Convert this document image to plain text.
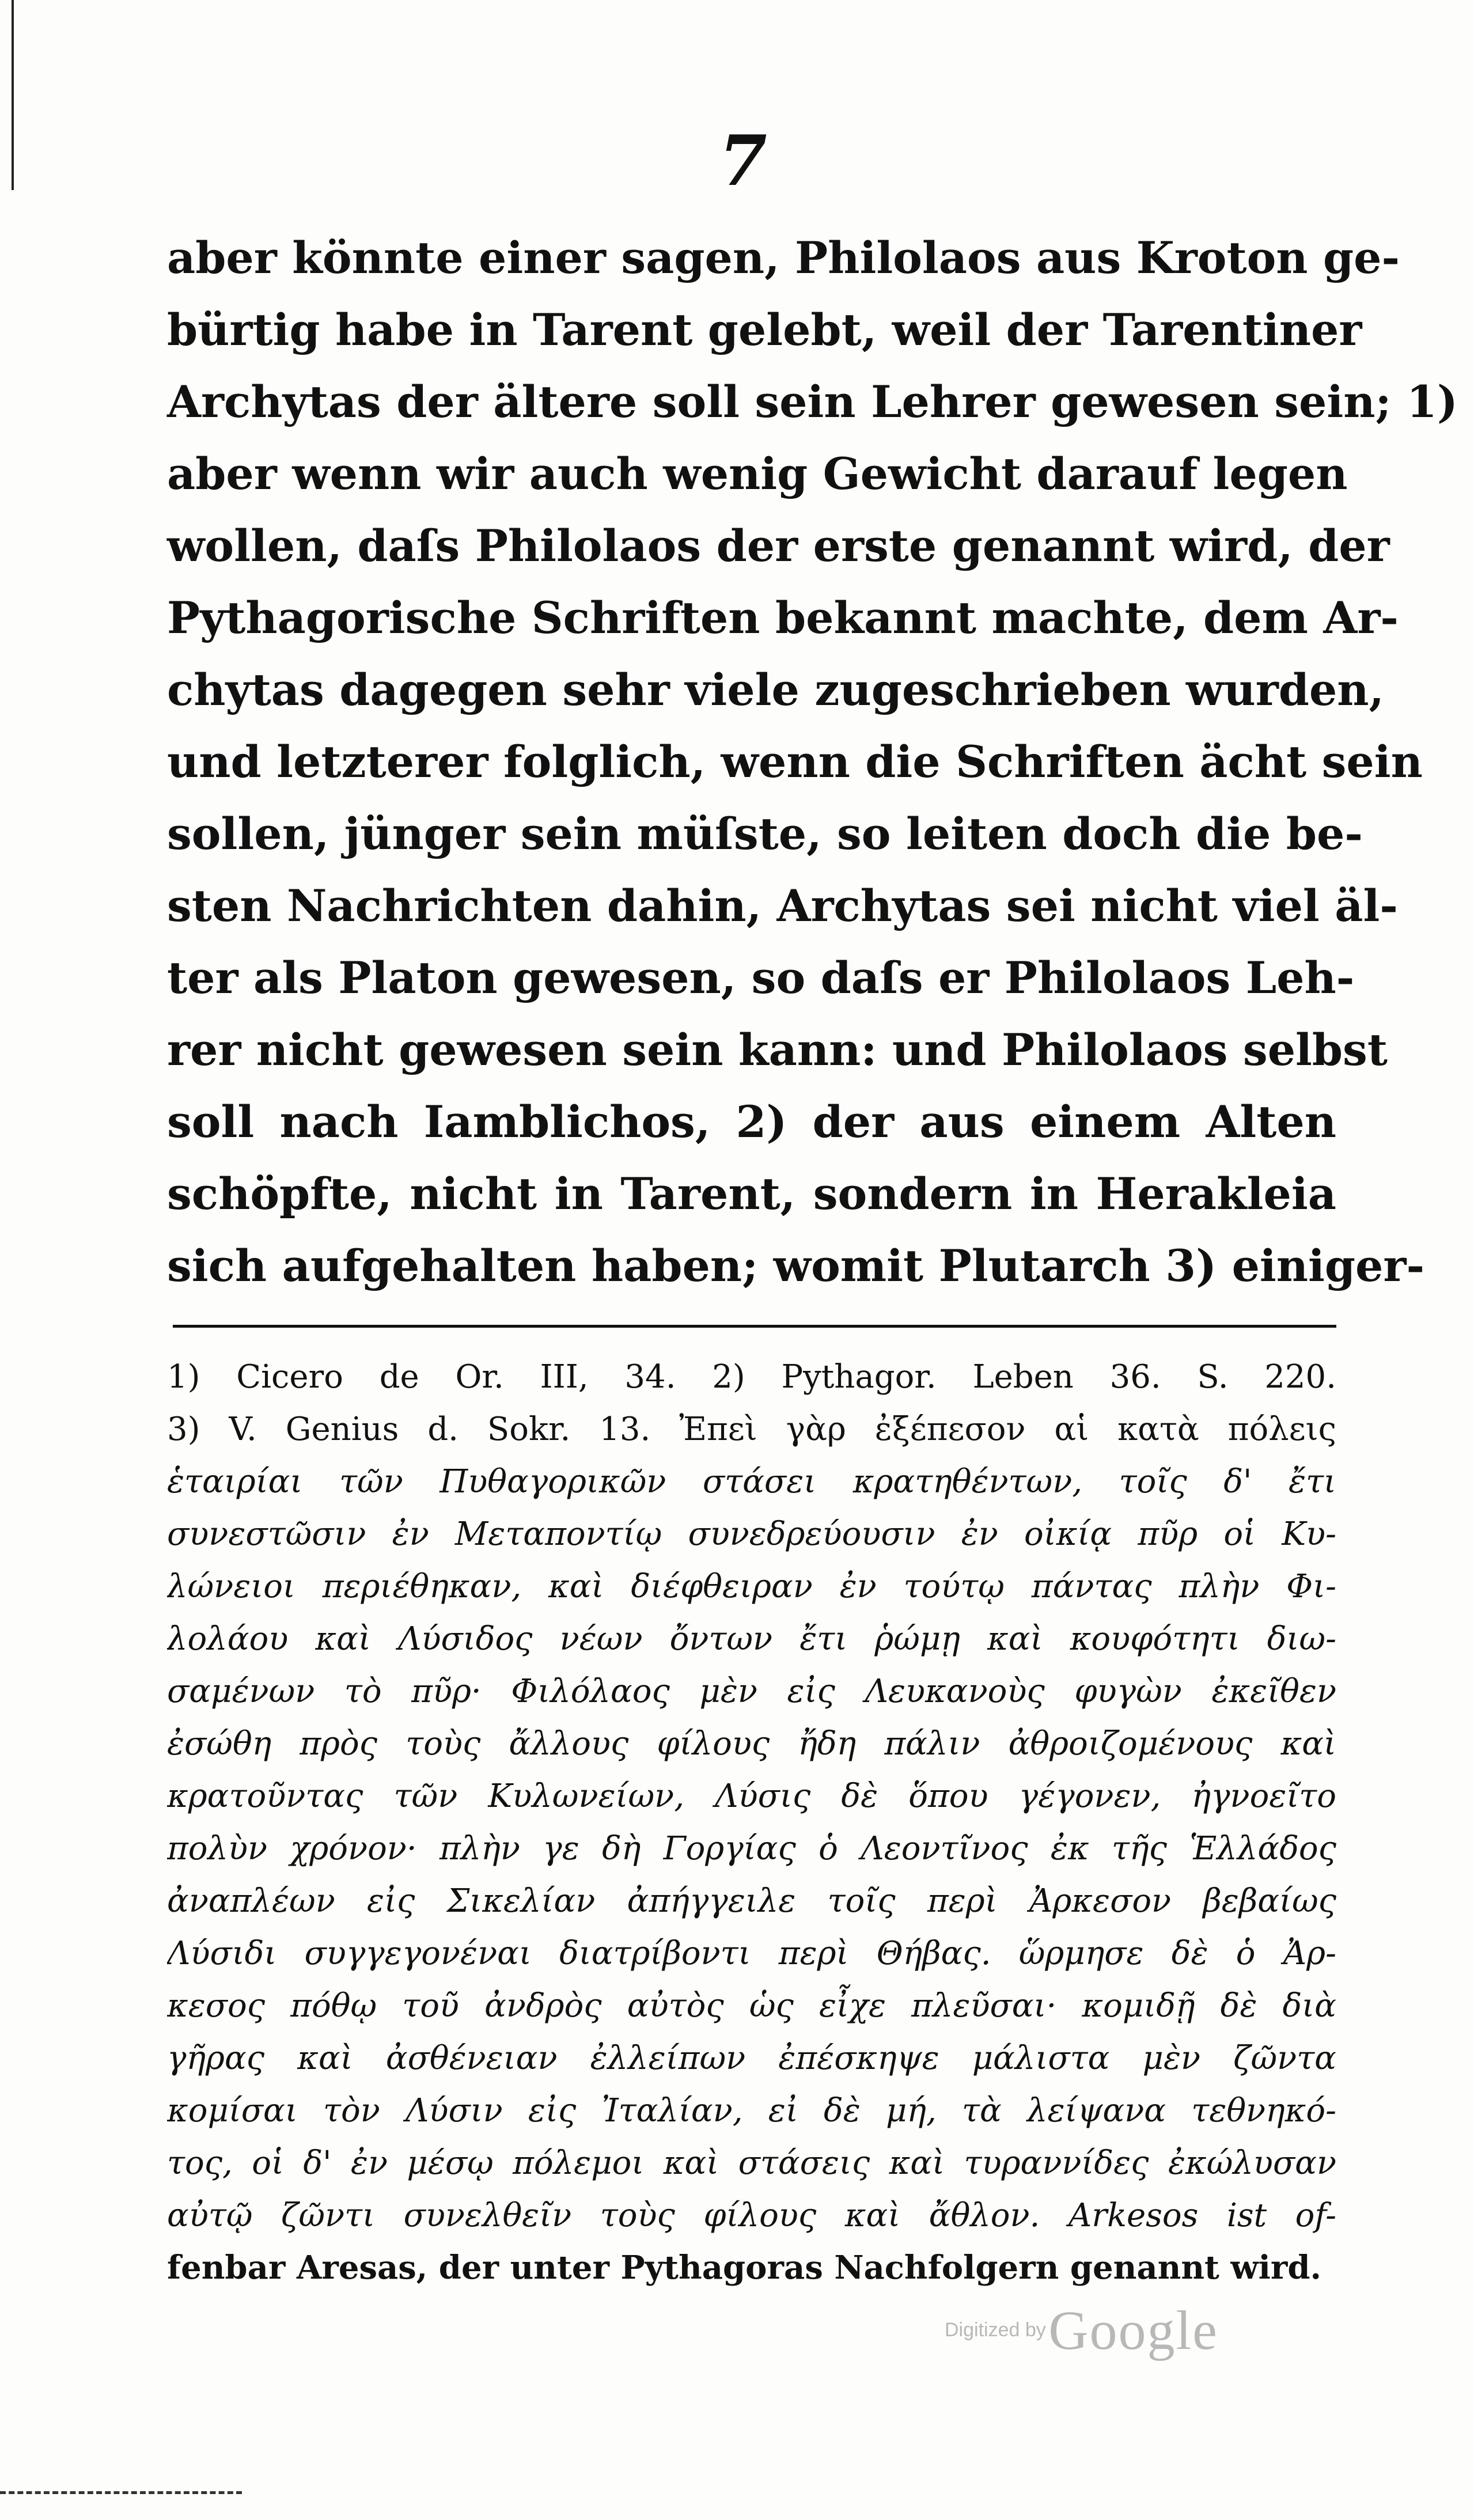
7
aber könnte einer sagen, Philolaos aus Kroton ge-
bürtig habe in Tarent gelebt, weil der Tarentiner
Archytas der ältere soll sein Lehrer gewesen sein; 1)
aber wenn wir auch wenig Gewicht darauf legen
wollen, daſs Philolaos der erste genannt wird, der
Pythagorische Schriften bekannt machte, dem Ar-
chytas dagegen sehr viele zugeschrieben wurden,
und letzterer folglich, wenn die Schriften ächt sein
sollen, jünger sein müſste, so leiten doch die be-
sten Nachrichten dahin, Archytas sei nicht viel äl-
ter als Platon gewesen, so daſs er Philolaos Leh-
rer nicht gewesen sein kann: und Philolaos selbst
soll nach Iamblichos, 2) der aus einem Alten
schöpfte, nicht in Tarent, sondern in Herakleia
sich aufgehalten haben; womit Plutarch 3) einiger-
1) Cicero de Or. III, 34. 2) Pythagor. Leben 36. S. 220.
3) V. Genius d. Sokr. 13. Ἐπεὶ γὰρ ἐξέπεσον αἱ κατὰ πόλεις
ἑταιρίαι τῶν Πυθαγορικῶν στάσει κρατηθέντων, τοῖς δ' ἔτι
συνεστῶσιν ἐν Μεταποντίῳ συνεδρεύουσιν ἐν οἰκίᾳ πῦρ οἱ Κυ-
λώνειοι περιέθηκαν, καὶ διέφθειραν ἐν τούτῳ πάντας πλὴν Φι-
λολάου καὶ Λύσιδος νέων ὄντων ἔτι ῥώμῃ καὶ κουφότητι διω-
σαμένων τὸ πῦρ· Φιλόλαος μὲν εἰς Λευκανοὺς φυγὼν ἐκεῖθεν
ἐσώθη πρὸς τοὺς ἄλλους φίλους ἤδη πάλιν ἀθροιζομένους καὶ
κρατοῦντας τῶν Κυλωνείων, Λύσις δὲ ὅπου γέγονεν, ἠγνοεῖτο
πολὺν χρόνον· πλὴν γε δὴ Γοργίας ὁ Λεοντῖνος ἐκ τῆς Ἑλλάδος
ἀναπλέων εἰς Σικελίαν ἀπήγγειλε τοῖς περὶ Ἀρκεσον βεβαίως
Λύσιδι συγγεγονέναι διατρίβοντι περὶ Θήβας. ὥρμησε δὲ ὁ Ἀρ-
κεσος πόθῳ τοῦ ἀνδρὸς αὐτὸς ὡς εἶχε πλεῦσαι· κομιδῇ δὲ διὰ
γῆρας καὶ ἀσθένειαν ἐλλείπων ἐπέσκηψε μάλιστα μὲν ζῶντα
κομίσαι τὸν Λύσιν εἰς Ἰταλίαν, εἰ δὲ μή, τὰ λείψανα τεθνηκό-
τος, οἱ δ' ἐν μέσῳ πόλεμοι καὶ στάσεις καὶ τυραννίδες ἐκώλυσαν
αὐτῷ ζῶντι συνελθεῖν τοὺς φίλους καὶ ἄθλον. Arkesos ist of-
fenbar Aresas, der unter Pythagoras Nachfolgern genannt wird.
Digitized by Google
